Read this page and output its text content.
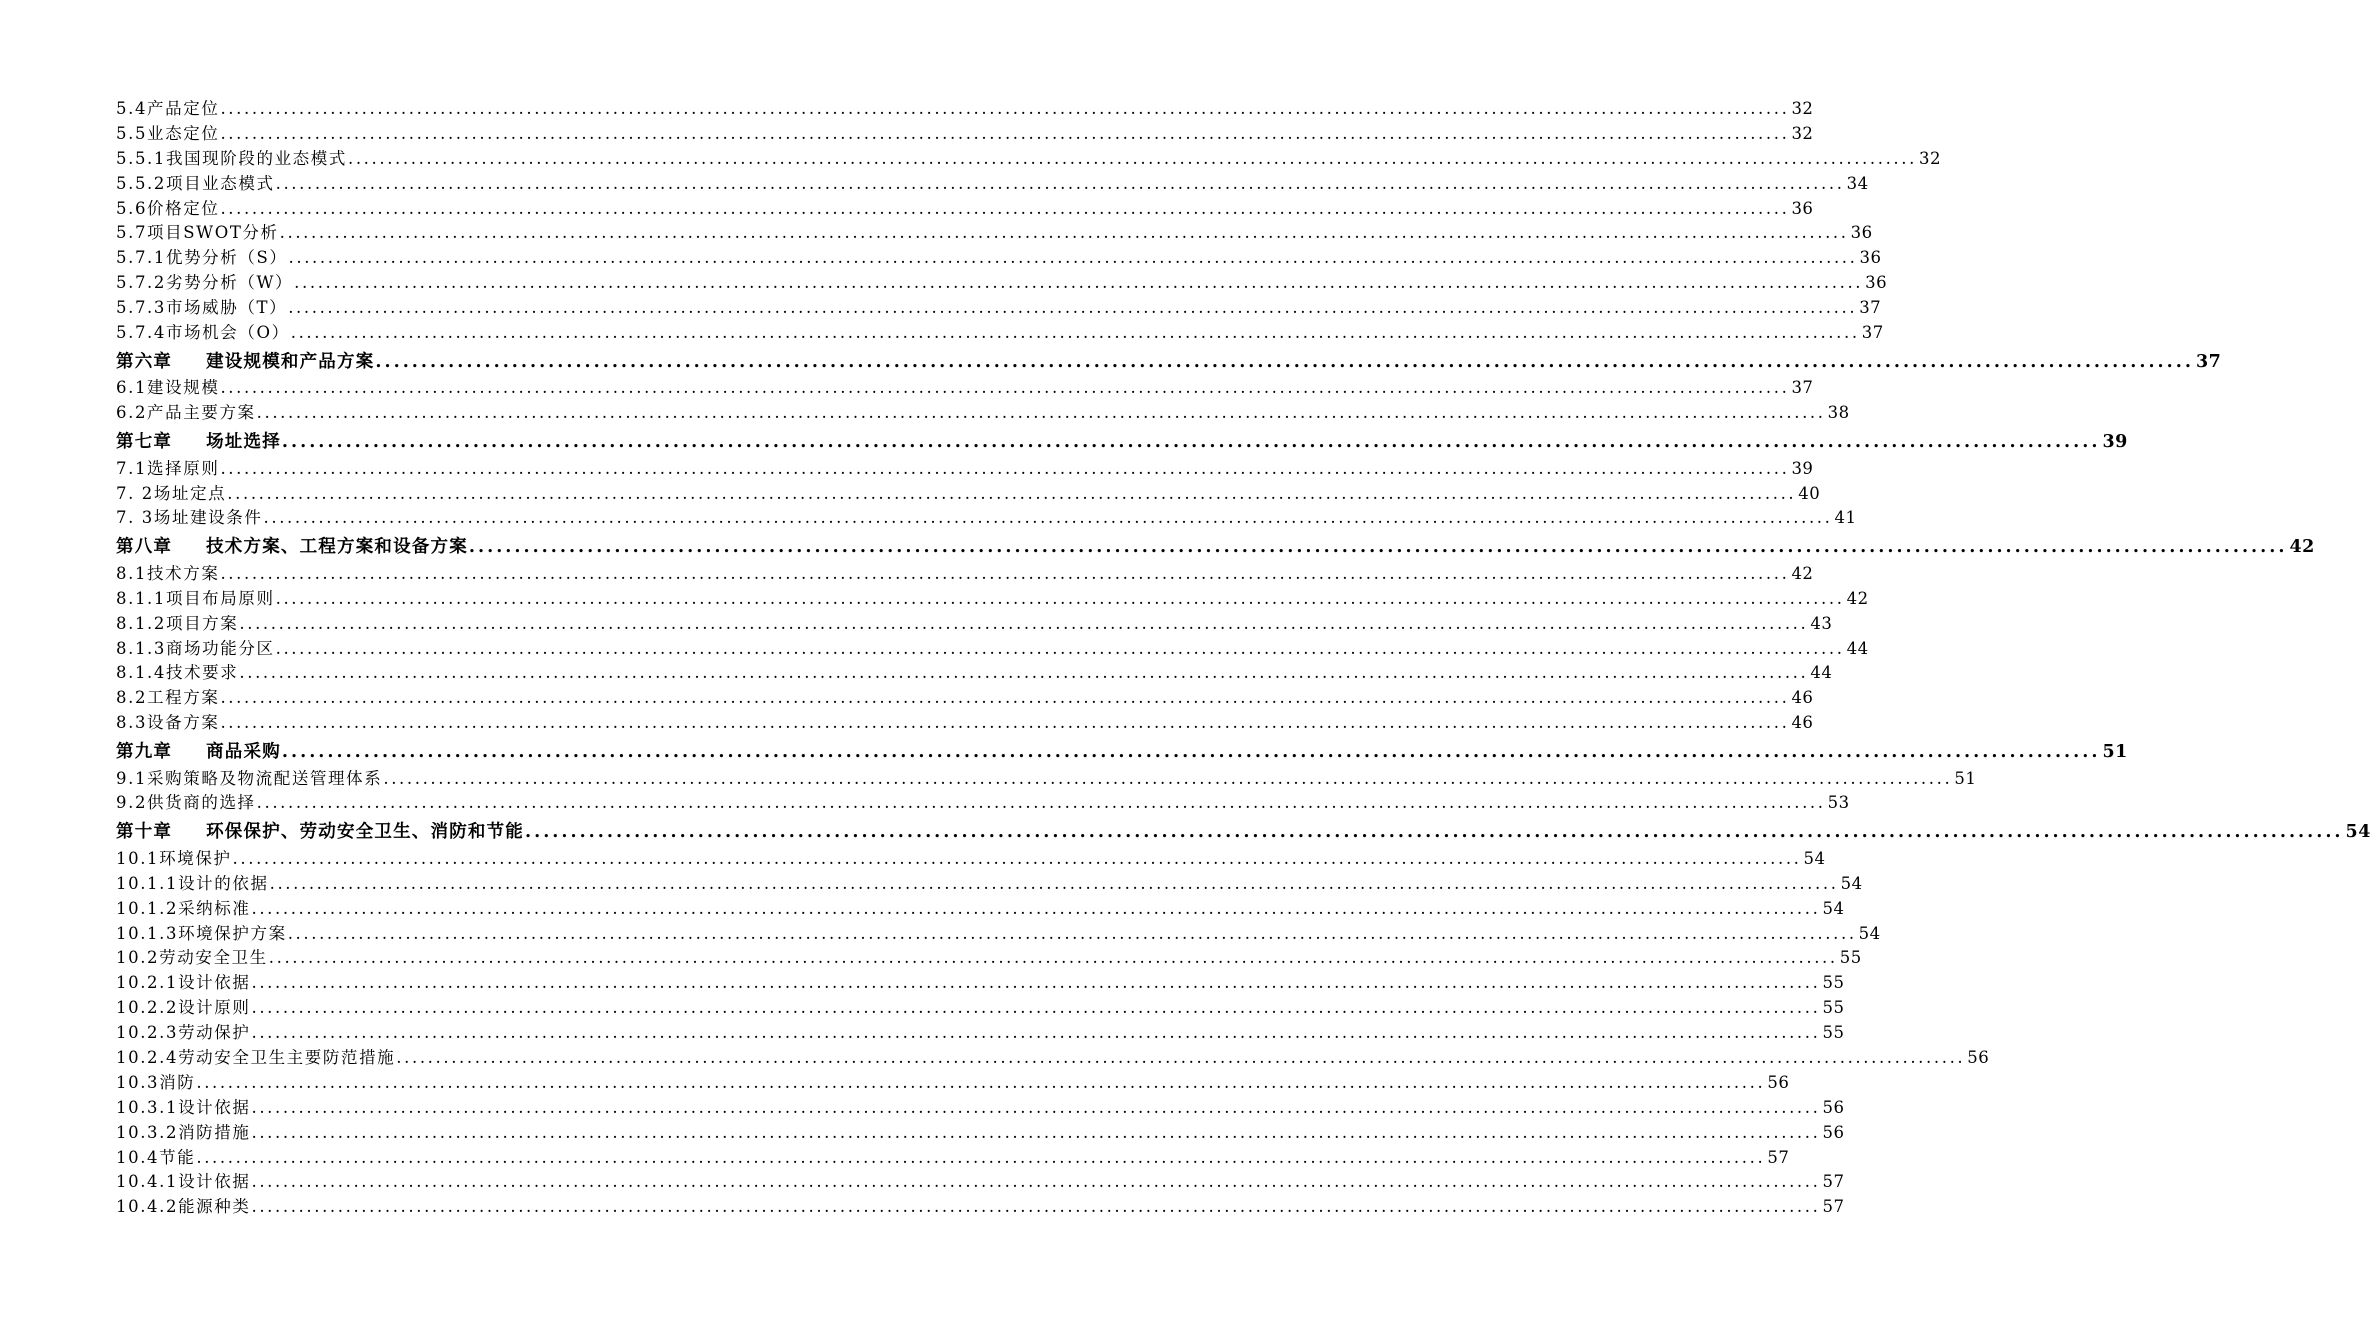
5.4产品定位 ........................................................................................................................................................................................................ 32
5.5业态定位 ........................................................................................................................................................................................................ 32
5.5.1我国现阶段的业态模式 ........................................................................................................................................................................................................ 32
5.5.2项目业态模式 ........................................................................................................................................................................................................ 34
5.6价格定位 ........................................................................................................................................................................................................ 36
5.7项目SWOT分析 ........................................................................................................................................................................................................ 36
5.7.1优势分析（S） ........................................................................................................................................................................................................ 36
5.7.2劣势分析（W） ........................................................................................................................................................................................................ 36
5.7.3市场威胁（T） ........................................................................................................................................................................................................ 37
5.7.4市场机会（O） ........................................................................................................................................................................................................ 37
第六章 建设规模和产品方案 ........................................................................................................................................................................................................ 37
6.1建设规模 ........................................................................................................................................................................................................ 37
6.2产品主要方案 ........................................................................................................................................................................................................ 38
第七章 场址选择 ........................................................................................................................................................................................................ 39
7.1选择原则 ........................................................................................................................................................................................................ 39
7. 2场址定点 ........................................................................................................................................................................................................ 40
7. 3场址建设条件 ........................................................................................................................................................................................................ 41
第八章 技术方案、工程方案和设备方案 ........................................................................................................................................................................................................ 42
8.1技术方案 ........................................................................................................................................................................................................ 42
8.1.1项目布局原则 ........................................................................................................................................................................................................ 42
8.1.2项目方案 ........................................................................................................................................................................................................ 43
8.1.3商场功能分区 ........................................................................................................................................................................................................ 44
8.1.4技术要求 ........................................................................................................................................................................................................ 44
8.2工程方案 ........................................................................................................................................................................................................ 46
8.3设备方案 ........................................................................................................................................................................................................ 46
第九章 商品采购 ........................................................................................................................................................................................................ 51
9.1采购策略及物流配送管理体系 ........................................................................................................................................................................................................ 51
9.2供货商的选择 ........................................................................................................................................................................................................ 53
第十章 环保保护、劳动安全卫生、消防和节能 ........................................................................................................................................................................................................ 54
10.1环境保护 ........................................................................................................................................................................................................ 54
10.1.1设计的依据 ........................................................................................................................................................................................................ 54
10.1.2采纳标准 ........................................................................................................................................................................................................ 54
10.1.3环境保护方案 ........................................................................................................................................................................................................ 54
10.2劳动安全卫生 ........................................................................................................................................................................................................ 55
10.2.1设计依据 ........................................................................................................................................................................................................ 55
10.2.2设计原则 ........................................................................................................................................................................................................ 55
10.2.3劳动保护 ........................................................................................................................................................................................................ 55
10.2.4劳动安全卫生主要防范措施 ........................................................................................................................................................................................................ 56
10.3消防 ........................................................................................................................................................................................................ 56
10.3.1设计依据 ........................................................................................................................................................................................................ 56
10.3.2消防措施 ........................................................................................................................................................................................................ 56
10.4节能 ........................................................................................................................................................................................................ 57
10.4.1设计依据 ........................................................................................................................................................................................................ 57
10.4.2能源种类 ........................................................................................................................................................................................................ 57
